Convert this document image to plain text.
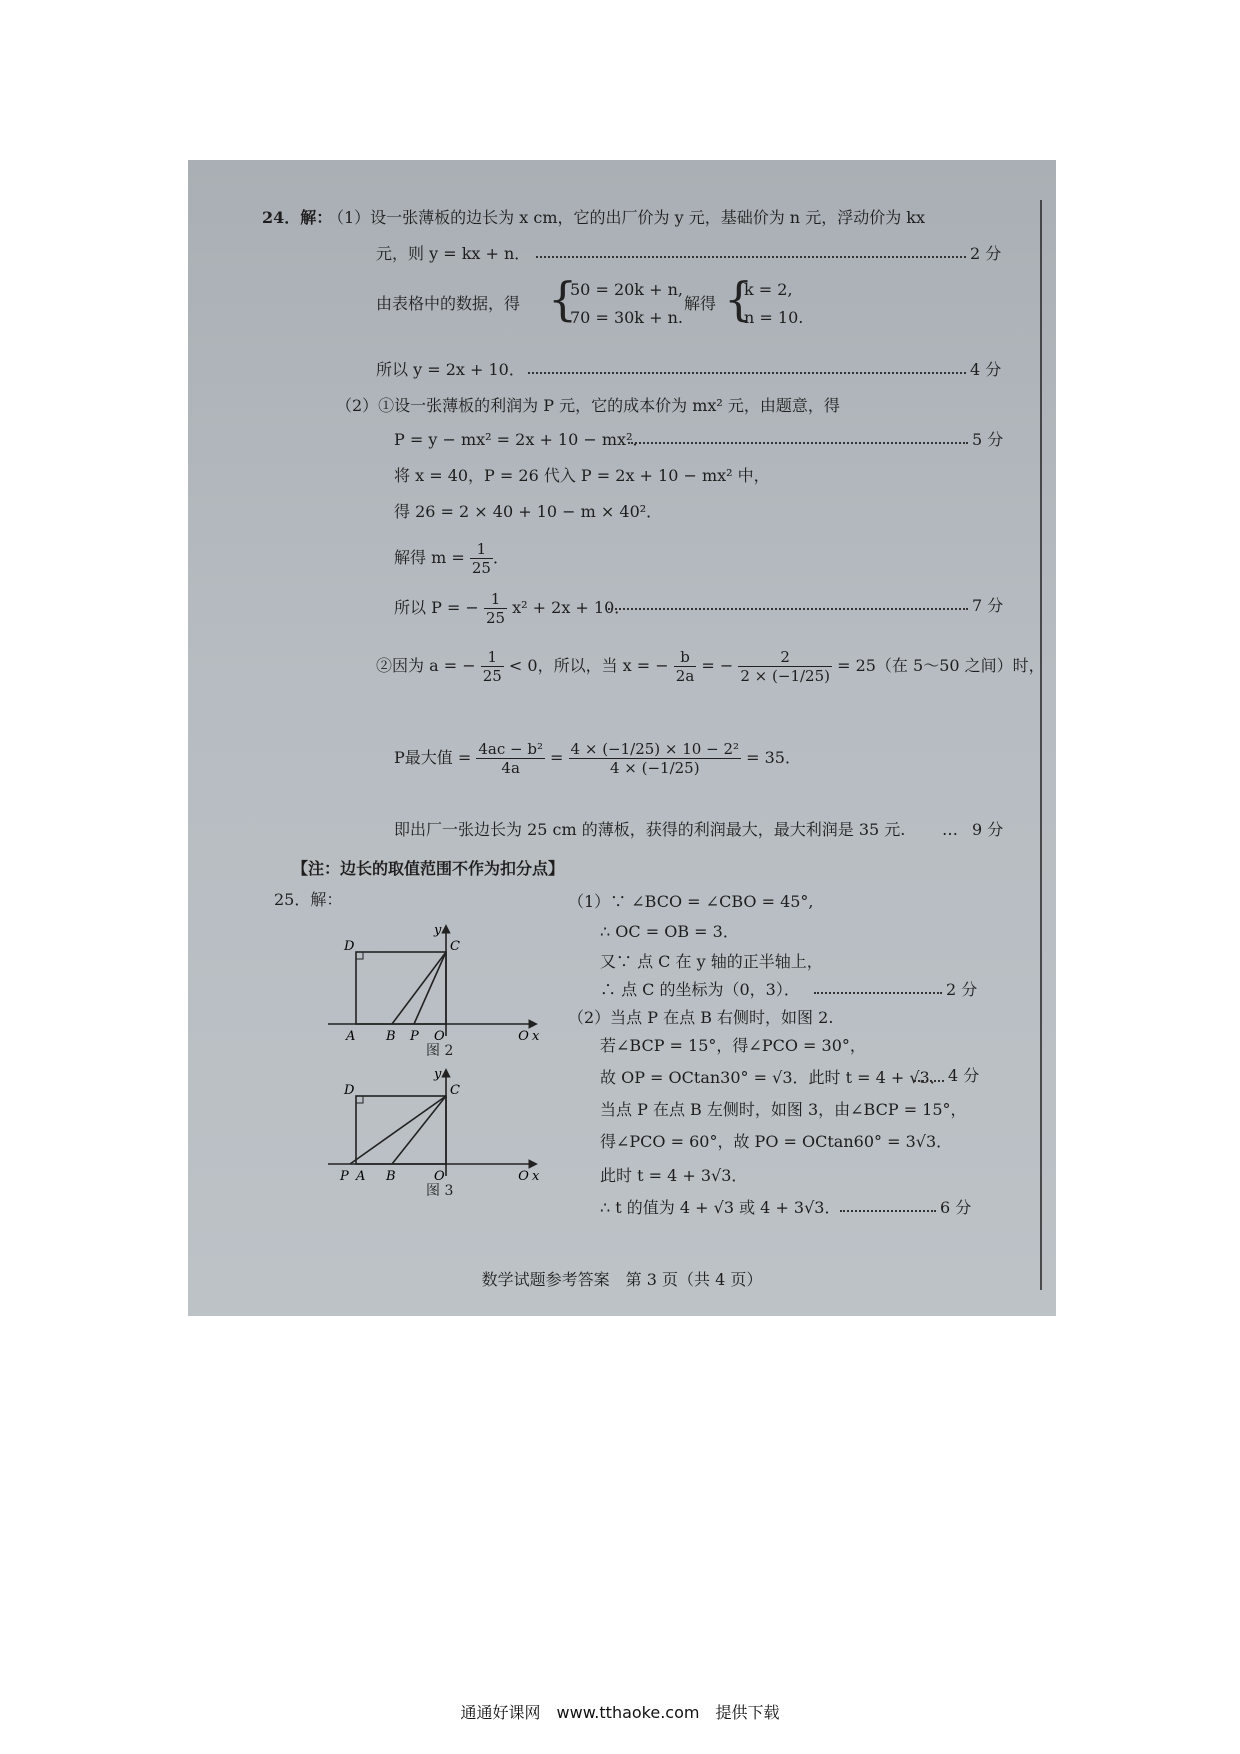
24．解：
（1）设一张薄板的边长为 x cm，它的出厂价为 y 元，基础价为 n 元，浮动价为 kx
元，则 y = kx + n．	2 分
由表格中的数据，得 {
50 = 20k + n,
70 = 30k + n.
解得 {
k = 2,
n = 10.
所以 y = 2x + 10．	4 分
（2）①设一张薄板的利润为 P 元，它的成本价为 mx² 元，由题意，得
P = y − mx² = 2x + 10 − mx²．	5 分
将 x = 40，P = 26 代入 P = 2x + 10 − mx² 中，
得 26 = 2 × 40 + 10 − m × 40²．
解得 $m = \frac{1}{25}$ ．
所以 P = − $\frac{1}{25} x^2 + 2x + 10$．	7 分
②因为 a = − $\frac{1}{25} < 0$，所以，当 x = − $\frac{b}{2a}$ = − $\frac{2}{2 \times (-1/25)} = 25$（在 5～50 之间）时，
P最大值 = $\frac{\text{4ac − b²}}{4a} = \frac{\text{4 × (−1/25) × 10 − 2²}}{4 \times (-1/25)} = 35$．
即出厂一张边长为 25 cm 的薄板，获得的利润最大，最大利润是 35 元. … 9 分
【注：边长的取值范围不作为扣分点】
25．解：	（1）∵ ∠BCO = ∠CBO = 45°,
∴ OC = OB = 3．
又∵ 点 C 在 y 轴的正半轴上，
∴ 点 C 的坐标为（0，3）．	2 分
（2）当点 P 在点 B 右侧时，如图 2.
若∠BCP = 15°，得∠PCO = 30°，
故 OP = OCtan30° = √3．此时 t = 4 + √3． 4 分
当点 P 在点 B 左侧时，如图 3，由∠BCP = 15°，
得∠PCO = 60°，故 PO = OCtan60° = 3√3．
此时 t = 4 + 3√3．
∴ t 的值为 4 + √3 或 4 + 3√3．	6 分
D	C
y
A B P O	Q x
图 2
D	C
y
P A B	O	Q x
图 3
数学试题参考答案　第 3 页（共 4 页）
通通好课网　www.tthaoke.com　提供下载
